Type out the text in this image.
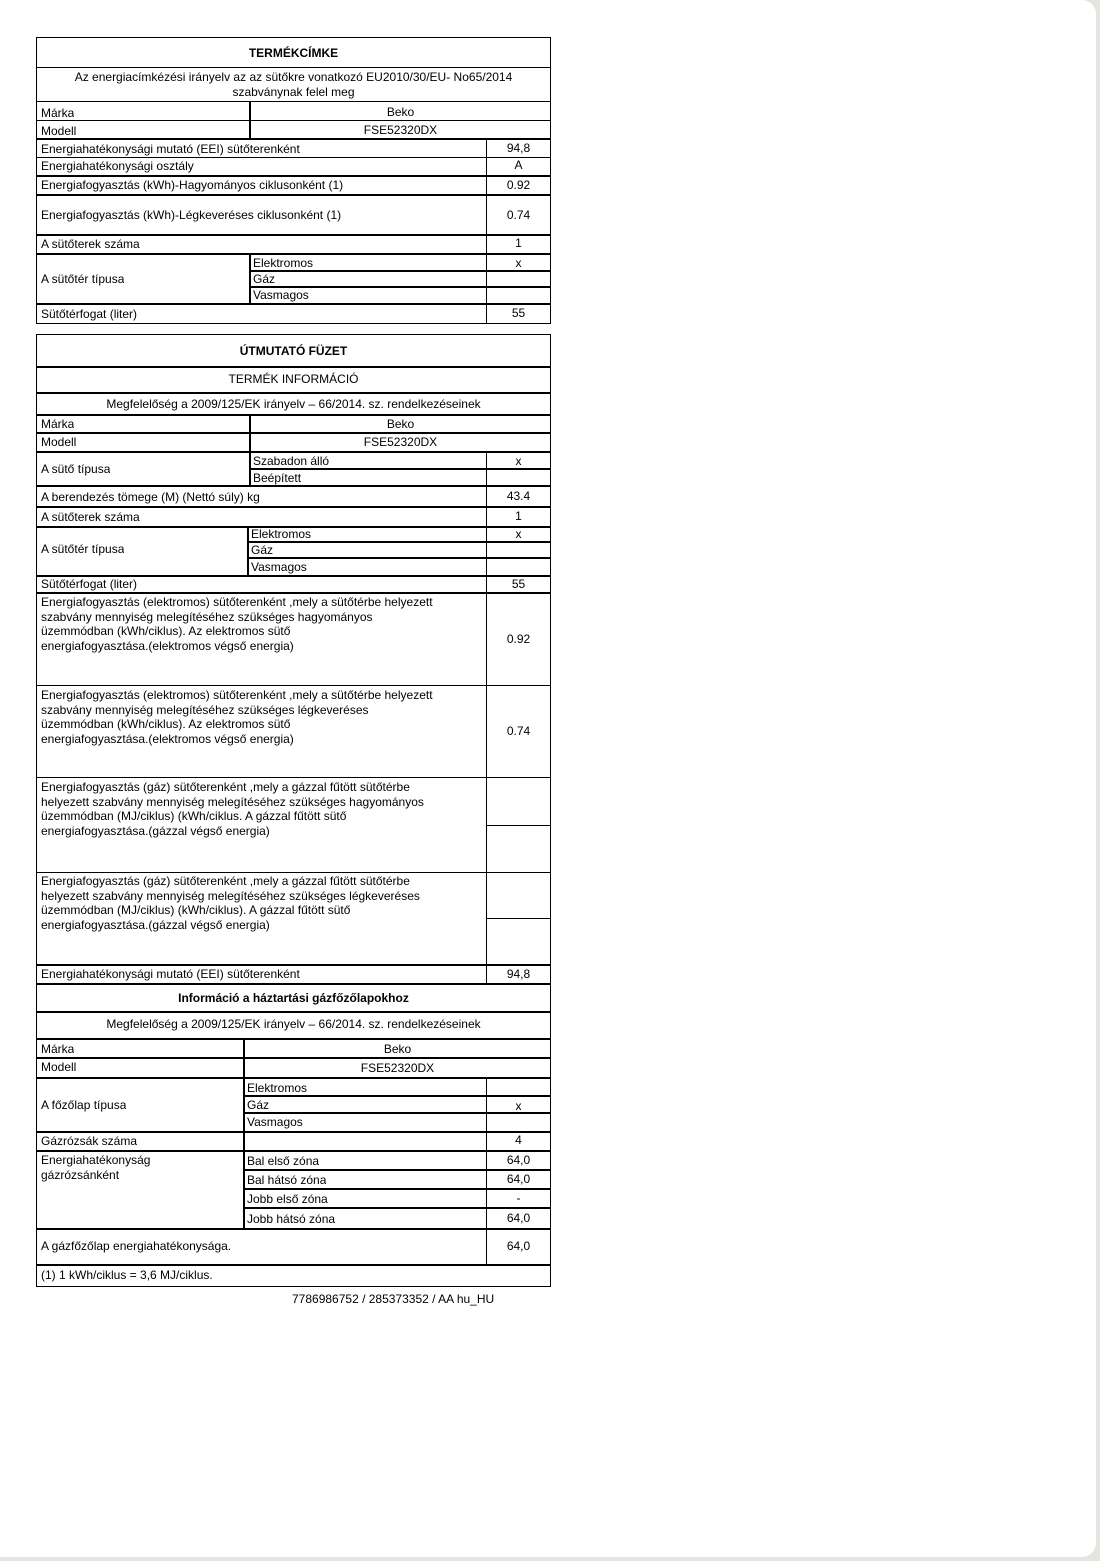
TERMÉKCÍMKE
Az energiacímkézési irányelv az az sütőkre vonatkozó EU2010/30/EU- No65/2014
szabványnak felel meg
Márka	Beko
Modell	FSE52320DX
Energiahatékonysági mutató (EEI) sütőterenként	94,8
Energiahatékonysági osztály	A
Energiafogyasztás (kWh)-Hagyományos ciklusonként (1)	0.92
Energiafogyasztás (kWh)-Légkeveréses ciklusonként (1)	0.74
A sütőterek száma	1
A sütőtér típusa
Elektromos	x
Gáz
Vasmagos
Sütőtérfogat (liter)	55
ÚTMUTATÓ FÜZET
TERMÉK INFORMÁCIÓ
Megfelelőség a 2009/125/EK irányelv – 66/2014. sz. rendelkezéseinek
Márka	Beko
Modell	FSE52320DX
A sütő típusa
Szabadon álló	x
Beépített
A berendezés tömege (M) (Nettó súly) kg	43.4
A sütőterek száma	1
A sütőtér típusa
Elektromos	x
Gáz
Vasmagos
Sütőtérfogat (liter)	55
Energiafogyasztás (elektromos) sütőterenként ,mely a sütőtérbe helyezett
szabvány mennyiség melegítéséhez szükséges hagyományos
üzemmódban (kWh/ciklus). Az elektromos sütő
energiafogyasztása.(elektromos végső energia)	0.92
Energiafogyasztás (elektromos) sütőterenként ,mely a sütőtérbe helyezett
szabvány mennyiség melegítéséhez szükséges légkeveréses
üzemmódban (kWh/ciklus). Az elektromos sütő
energiafogyasztása.(elektromos végső energia)
0.74
Energiafogyasztás (gáz) sütőterenként ,mely a gázzal fűtött sütőtérbe
helyezett szabvány mennyiség melegítéséhez szükséges hagyományos
üzemmódban (MJ/ciklus) (kWh/ciklus. A gázzal fűtött sütő
energiafogyasztása.(gázzal végső energia)
Energiafogyasztás (gáz) sütőterenként ,mely a gázzal fűtött sütőtérbe
helyezett szabvány mennyiség melegítéséhez szükséges légkeveréses
üzemmódban (MJ/ciklus) (kWh/ciklus). A gázzal fűtött sütő
energiafogyasztása.(gázzal végső energia)
Energiahatékonysági mutató (EEI) sütőterenként	94,8
Információ a háztartási gázfőzőlapokhoz
Megfelelőség a 2009/125/EK irányelv – 66/2014. sz. rendelkezéseinek
Márka	Beko
Modell	FSE52320DX
A főzőlap típusa
Elektromos
Gáz	x
Vasmagos
Gázrózsák száma	4
Energiahatékonyság
gázrózsánként
Bal első zóna	64,0
Bal hátsó zóna	64,0
Jobb első zóna	-
Jobb hátsó zóna	64,0
A gázfőzőlap energiahatékonysága.	64,0
(1) 1 kWh/ciklus = 3,6 MJ/ciklus.
7786986752 / 285373352 / AA hu_HU
